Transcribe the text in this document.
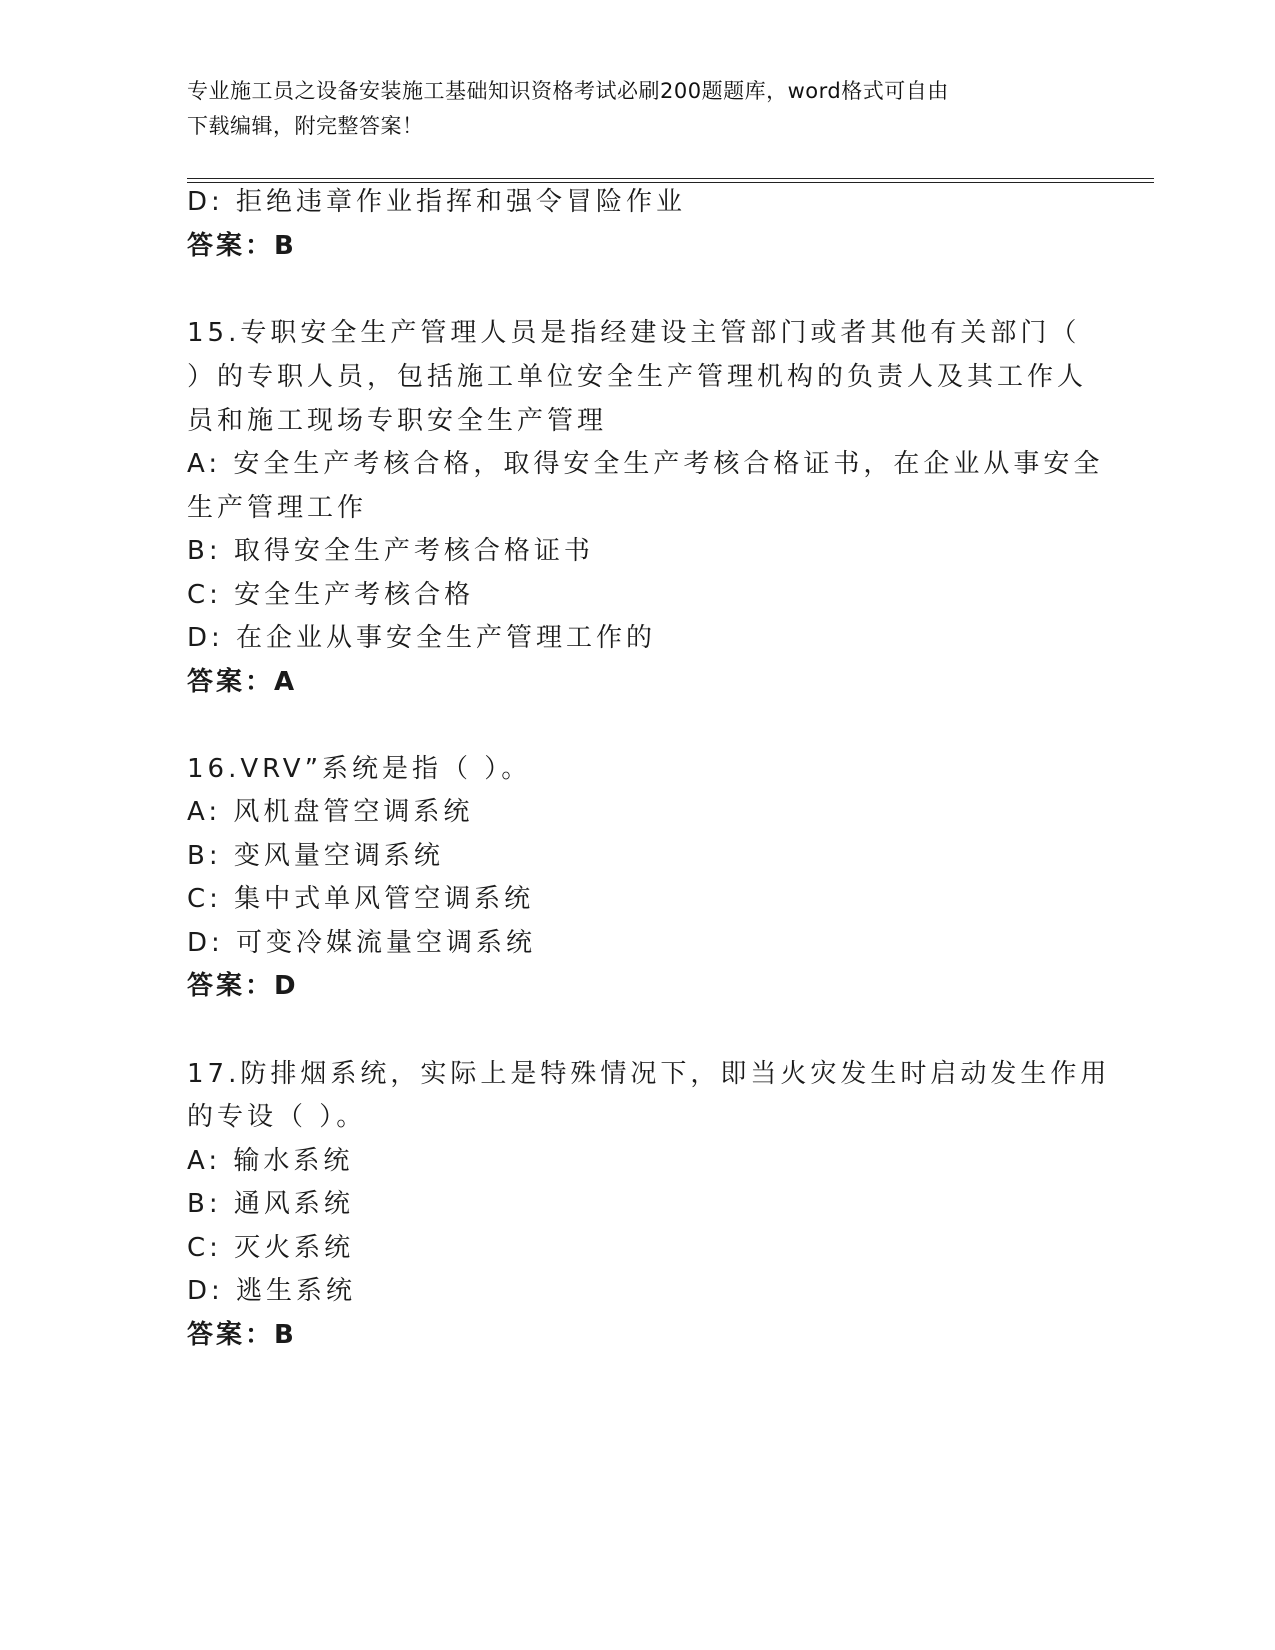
专业施工员之设备安装施工基础知识资格考试必刷200题题库，word格式可自由
下载编辑，附完整答案！
D: 拒绝违章作业指挥和强令冒险作业
答案：B
15.专职安全生产管理人员是指经建设主管部门或者其他有关部门（
）的专职人员，包括施工单位安全生产管理机构的负责人及其工作人
员和施工现场专职安全生产管理
A: 安全生产考核合格，取得安全生产考核合格证书，在企业从事安全
生产管理工作
B: 取得安全生产考核合格证书
C: 安全生产考核合格
D: 在企业从事安全生产管理工作的
答案：A
16.VRV”系统是指（ ）。
A: 风机盘管空调系统
B: 变风量空调系统
C: 集中式单风管空调系统
D: 可变冷媒流量空调系统
答案：D
17.防排烟系统，实际上是特殊情况下，即当火灾发生时启动发生作用
的专设（ ）。
A: 输水系统
B: 通风系统
C: 灭火系统
D: 逃生系统
答案：B
